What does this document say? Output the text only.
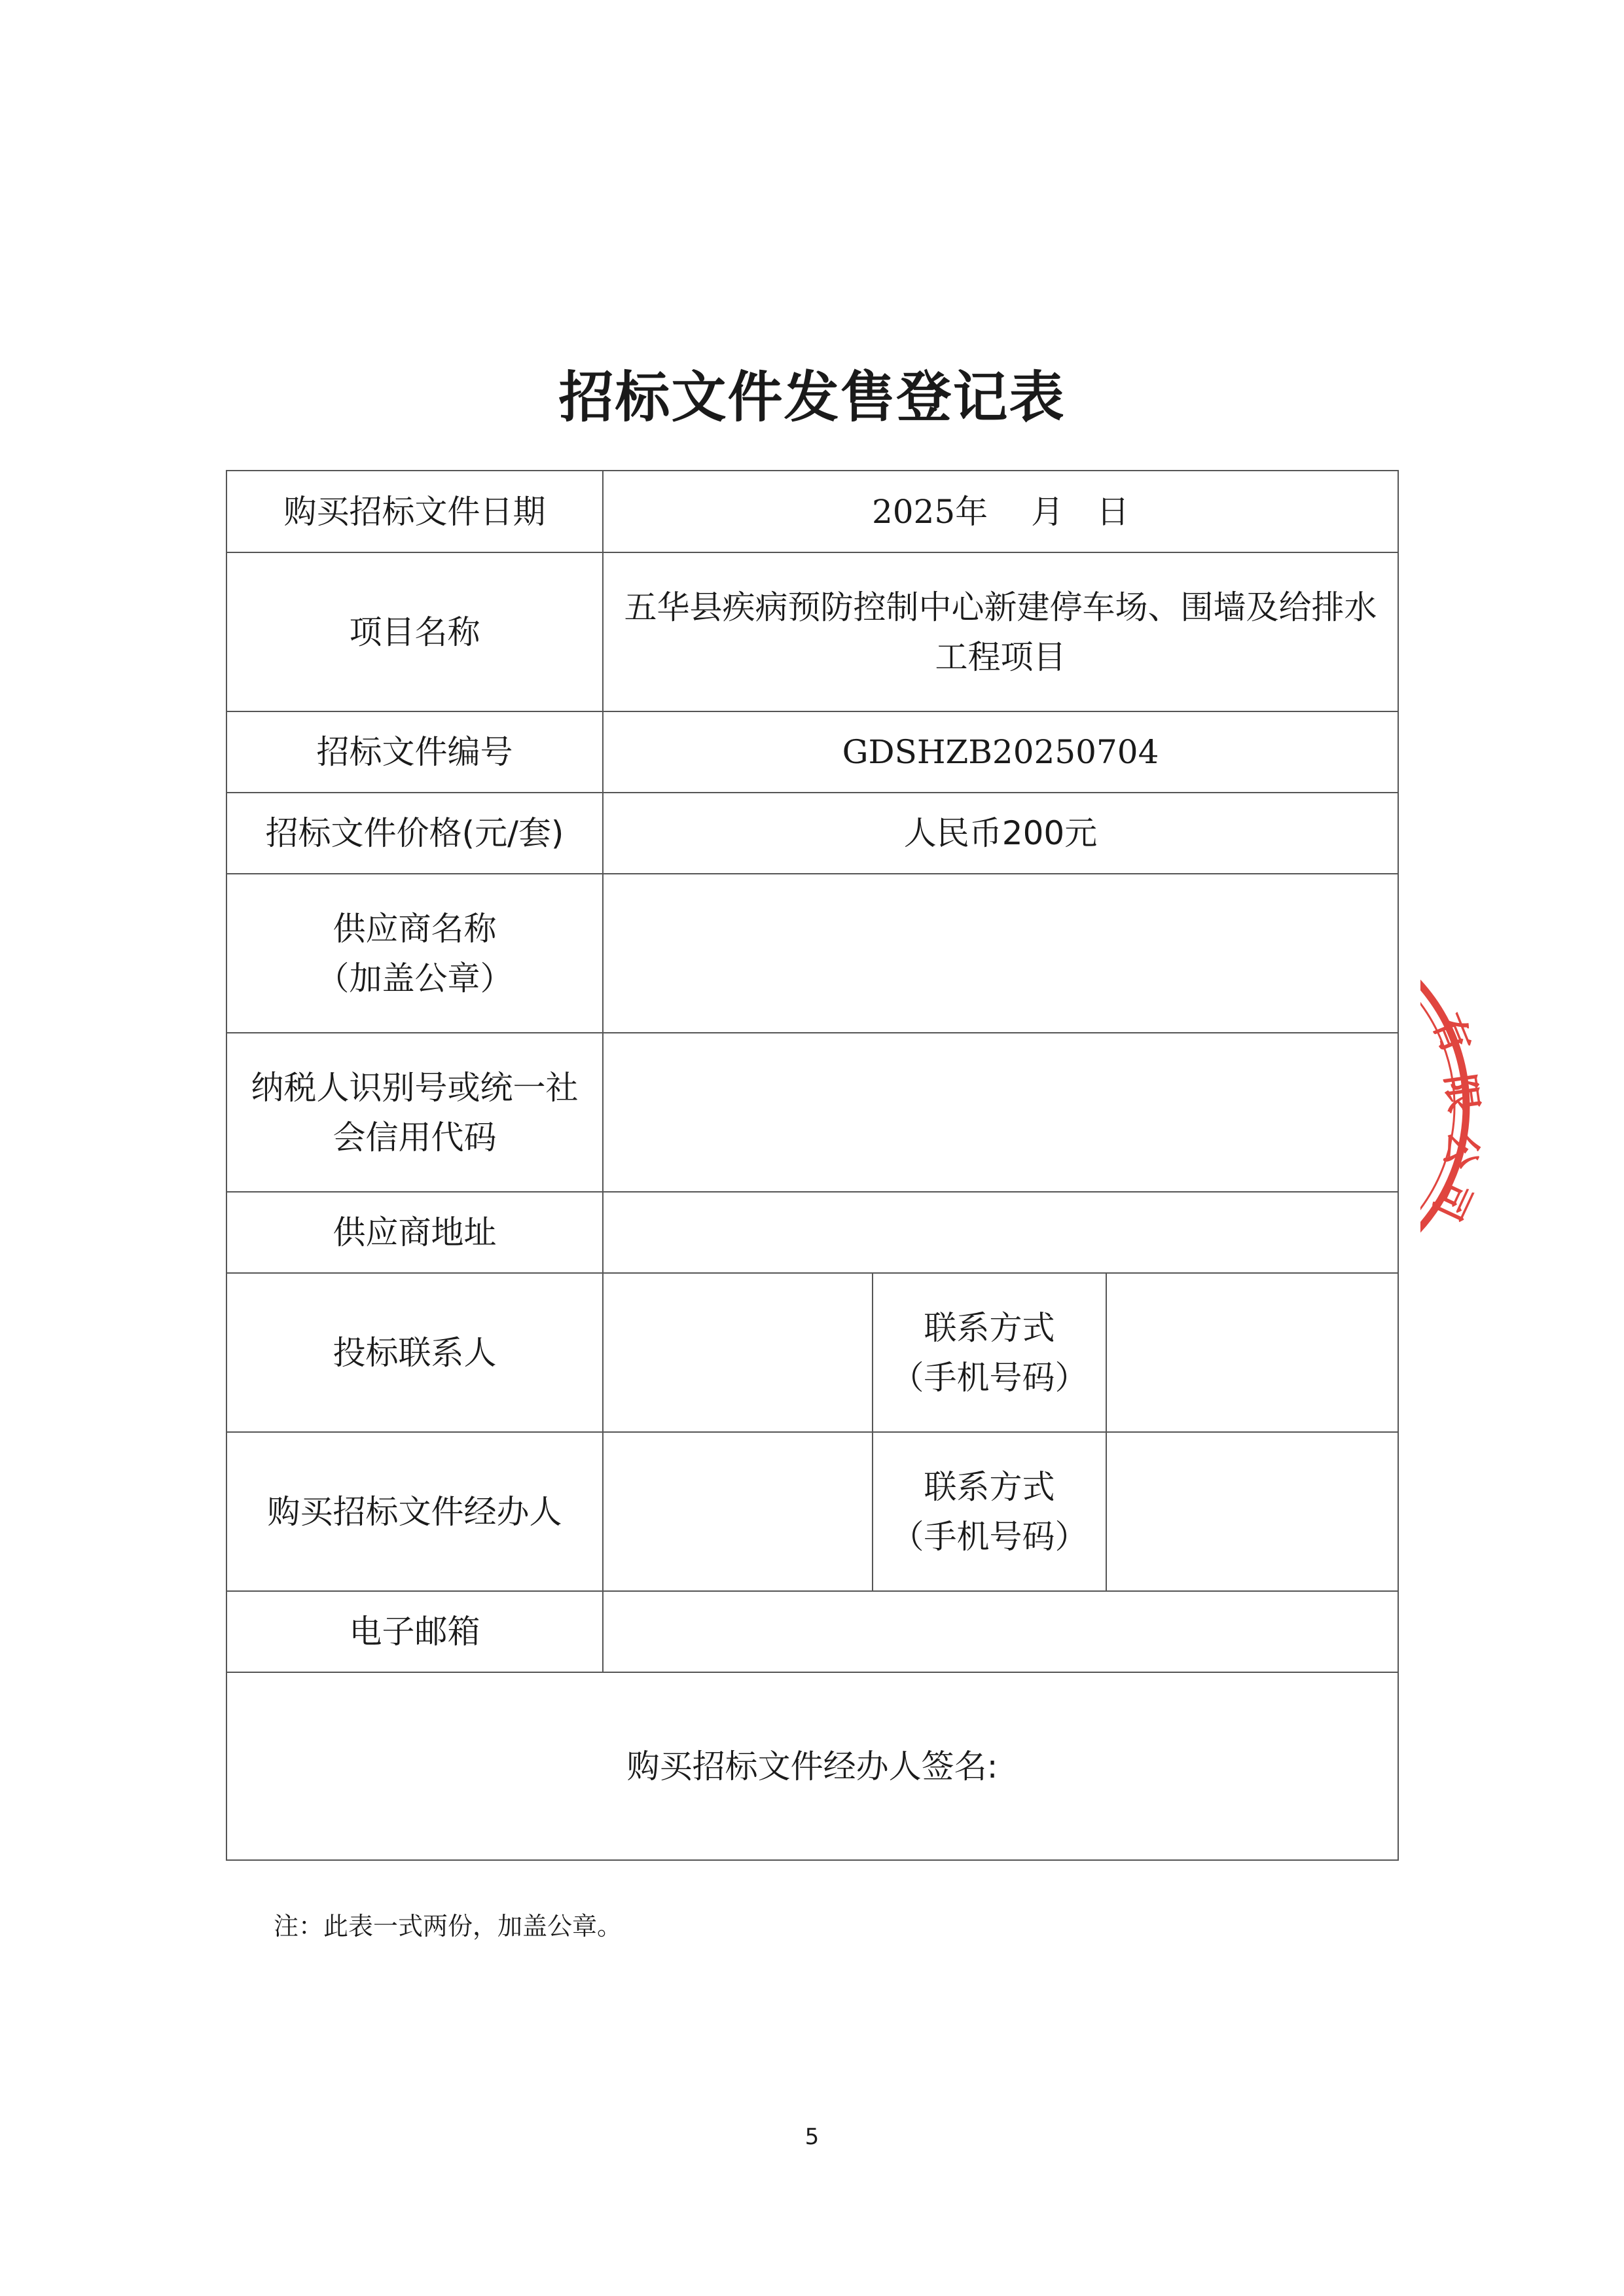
招标文件发售登记表
购买招标文件日期	2025年　 月　日		
项目名称	五华县疾病预防控制中心新建停车场、围墙及给排水工程项目		
招标文件编号	GDSHZB20250704		
招标文件价格(元/套)	人民币200元		

供应商名称
（加盖公章）			

纳税人识别号或统一社会信用代码			
供应商地址			
投标联系人		联系方式
（手机号码）	

购买招标文件经办人		联系方式
（手机号码）	

电子邮箱			
购买招标文件经办人签名:			
注：此表一式两份，加盖公章。
5
有
限
公
司
